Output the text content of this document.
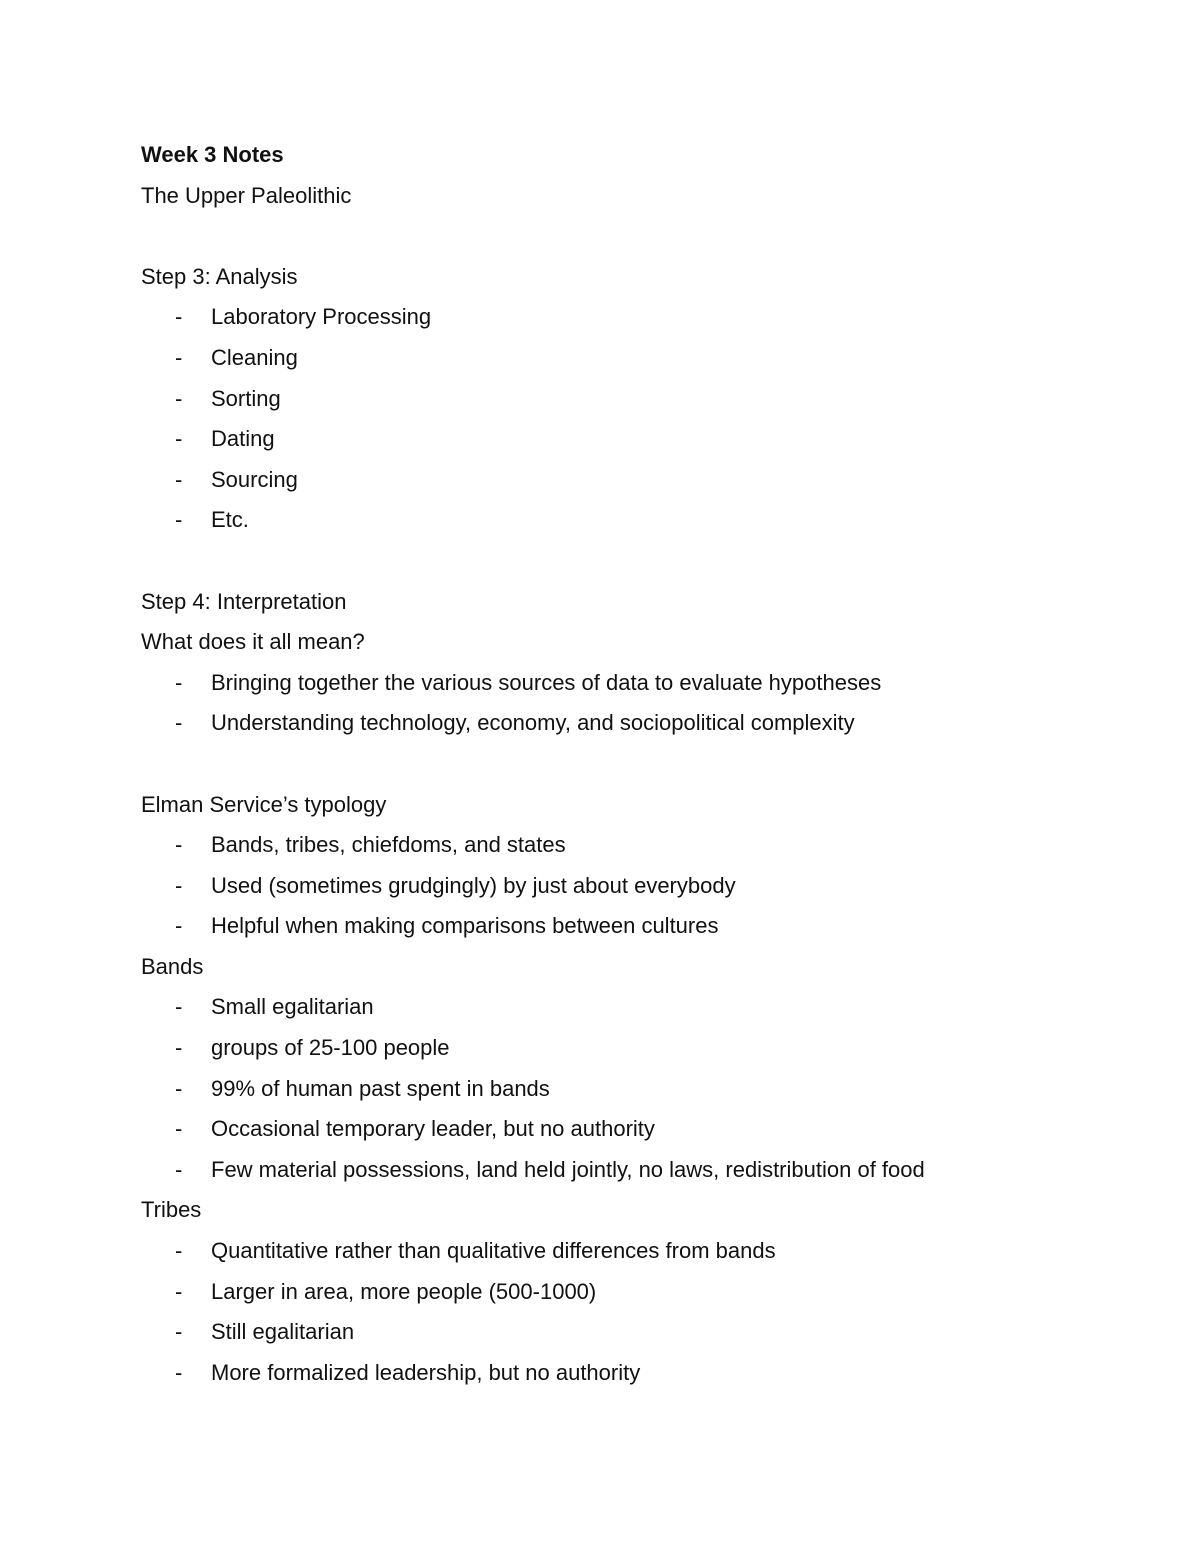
Week 3 Notes
The Upper Paleolithic
Step 3: Analysis
- Laboratory Processing
- Cleaning
- Sorting
- Dating
- Sourcing
- Etc.
Step 4: Interpretation
What does it all mean?
- Bringing together the various sources of data to evaluate hypotheses
- Understanding technology, economy, and sociopolitical complexity
Elman Service’s typology
- Bands, tribes, chiefdoms, and states
- Used (sometimes grudgingly) by just about everybody
- Helpful when making comparisons between cultures
Bands
- Small egalitarian
- groups of 25-100 people
- 99% of human past spent in bands
- Occasional temporary leader, but no authority
- Few material possessions, land held jointly, no laws, redistribution of food
Tribes
- Quantitative rather than qualitative differences from bands
- Larger in area, more people (500-1000)
- Still egalitarian
- More formalized leadership, but no authority
